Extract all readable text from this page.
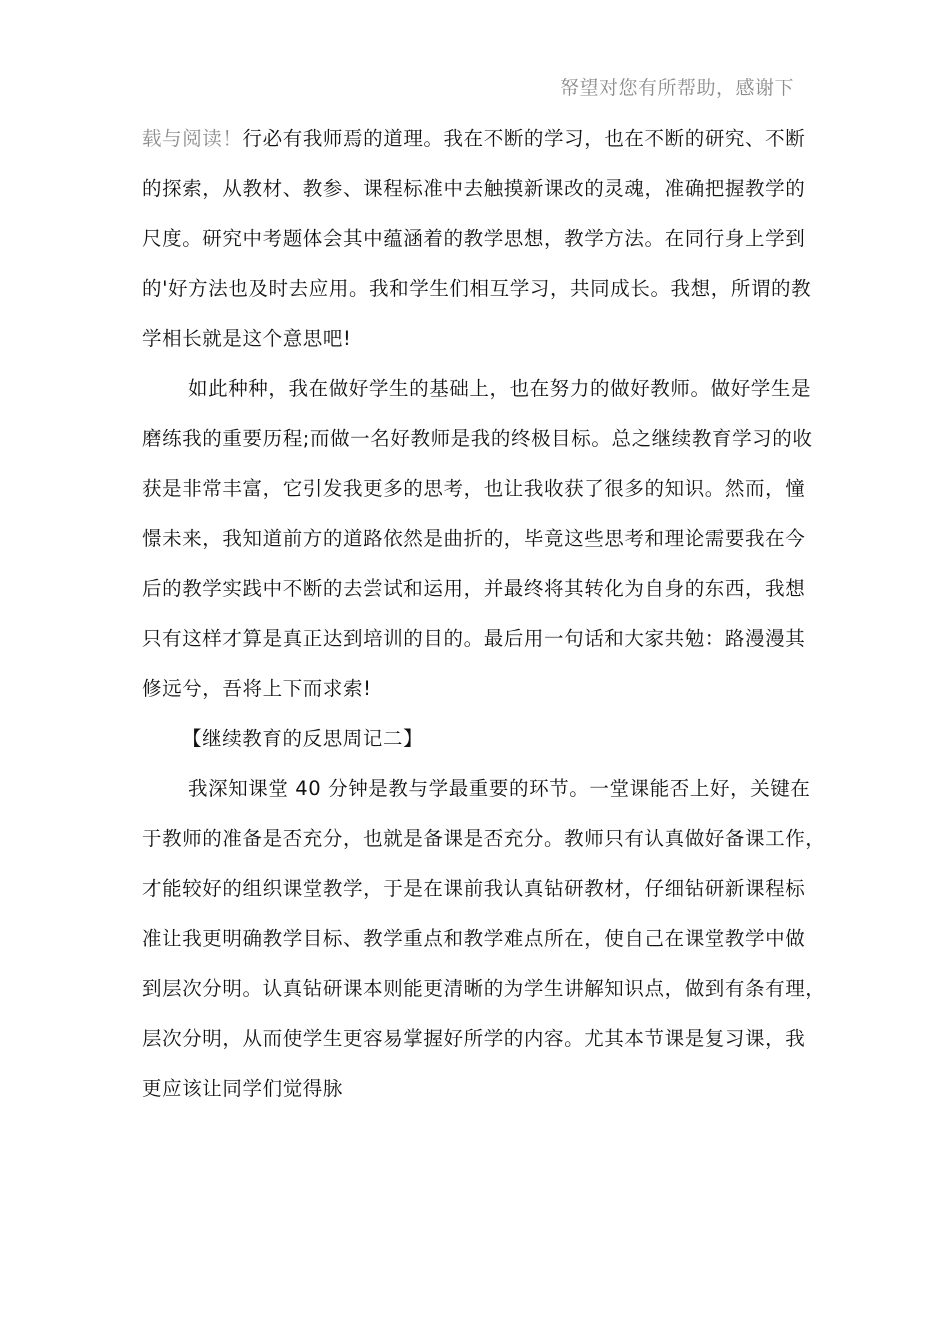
帑望对您有所帮助，感谢下
载与阅读！行必有我师焉的道理。我在不断的学习，也在不断的研究、不断
的探索，从教材、教参、课程标准中去触摸新课改的灵魂，准确把握教学的
尺度。研究中考题体会其中蕴涵着的教学思想，教学方法。在同行身上学到
的'好方法也及时去应用。我和学生们相互学习，共同成长。我想，所谓的教
学相长就是这个意思吧!
如此种种，我在做好学生的基础上，也在努力的做好教师。做好学生是
磨练我的重要历程;而做一名好教师是我的终极目标。总之继续教育学习的收
获是非常丰富，它引发我更多的思考，也让我收获了很多的知识。然而，憧
憬未来，我知道前方的道路依然是曲折的，毕竟这些思考和理论需要我在今
后的教学实践中不断的去尝试和运用，并最终将其转化为自身的东西，我想
只有这样才算是真正达到培训的目的。最后用一句话和大家共勉：路漫漫其
修远兮，吾将上下而求索!
【继续教育的反思周记二】
我深知课堂 40 分钟是教与学最重要的环节。一堂课能否上好，关键在
于教师的准备是否充分，也就是备课是否充分。教师只有认真做好备课工作，
才能较好的组织课堂教学，于是在课前我认真钻研教材，仔细钻研新课程标
准让我更明确教学目标、教学重点和教学难点所在，使自己在课堂教学中做
到层次分明。认真钻研课本则能更清晰的为学生讲解知识点，做到有条有理，
层次分明，从而使学生更容易掌握好所学的内容。尤其本节课是复习课，我
更应该让同学们觉得脉
